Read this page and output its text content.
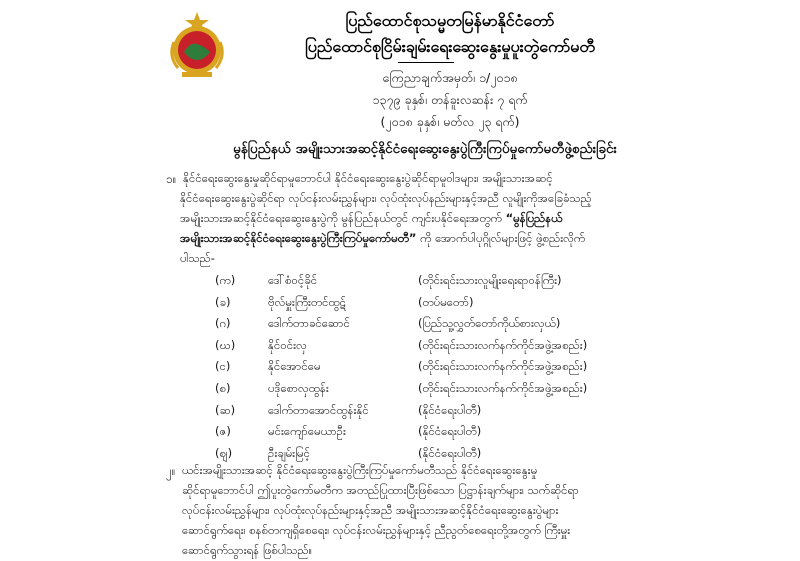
ပြည်ထောင်စုသမ္မတမြန်မာနိုင်ငံတော်
ပြည်ထောင်စုငြိမ်းချမ်းရေးဆွေးနွေးမှုပူးတွဲကော်မတီ
ကြေညာချက်အမှတ်၊ ၁/၂၀၁၈
၁၃၇၉ ခုနှစ်၊ တန်ခူးလဆန်း ၇ ရက်
(၂၀၁၈ ခုနှစ်၊ မတ်လ ၂၃ ရက်)
မွန်ပြည်နယ် အမျိုးသားအဆင့်နိုင်ငံရေးဆွေးနွေးပွဲကြီးကြပ်မှုကော်မတီဖွဲ့စည်းခြင်း
၁။ နိုင်ငံရေးဆွေးနွေးမှုဆိုင်ရာမူဘောင်ပါ နိုင်ငံရေးဆွေးနွေးပွဲဆိုင်ရာမူဝါဒများ၊ အမျိုးသားအဆင့်
နိုင်ငံရေးဆွေးနွေးပွဲဆိုင်ရာ လုပ်ငန်းလမ်းညွှန်များ၊ လုပ်ထုံးလုပ်နည်းများနှင့်အညီ လူမျိုးကိုအခြေခံသည့်
အမျိုးသားအဆင့်နိုင်ငံရေးဆွေးနွေးပွဲကို မွန်ပြည်နယ်တွင် ကျင်းပနိုင်ရေးအတွက် “မွန်ပြည်နယ်
အမျိုးသားအဆင့်နိုင်ငံရေးဆွေးနွေးပွဲကြီးကြပ်မှုကော်မတီ” ကို အောက်ပါပုဂ္ဂိုလ်များဖြင့် ဖွဲ့စည်းလိုက်
ပါသည်-
(က)	ဒေါ်စံဝင့်ခိုင်	(တိုင်းရင်းသားလူမျိုးရေးရာဝန်ကြီး)
(ခ)	ဗိုလ်မှူးကြီးတင်ထွဋ်	(တပ်မတော်)
(ဂ)	ဒေါက်တာခင်ဆောင်	(ပြည်သူ့လွှတ်တော်ကိုယ်စားလှယ်)
(ဃ)	နိုင်ဝင်းလှ	(တိုင်းရင်းသားလက်နက်ကိုင်အဖွဲ့အစည်း)
(င)	နိုင်အောင်မေ	(တိုင်းရင်းသားလက်နက်ကိုင်အဖွဲ့အစည်း)
(စ)	ပဒိုစောလှထွန်း	(တိုင်းရင်းသားလက်နက်ကိုင်အဖွဲ့အစည်း)
(ဆ)	ဒေါက်တာအောင်ထွန်းနိုင်	(နိုင်ငံရေးပါတီ)
(ဇ)	မင်းကျော်မေယာဦး	(နိုင်ငံရေးပါတီ)
(ဈ)	ဦးချမ်းမြင့်	(နိုင်ငံရေးပါတီ)
၂။ ယင်းအမျိုးသားအဆင့် နိုင်ငံရေးဆွေးနွေးပွဲကြီးကြပ်မှုကော်မတီသည် နိုင်ငံရေးဆွေးနွေးမှု
ဆိုင်ရာမူဘောင်ပါ ဤပူးတွဲကော်မတီက အတည်ပြုထားပြီးဖြစ်သော ပြဋ္ဌာန်းချက်များ၊ သက်ဆိုင်ရာ
လုပ်ငန်းလမ်းညွှန်များ၊ လုပ်ထုံးလုပ်နည်းများနှင့်အညီ အမျိုးသားအဆင့်နိုင်ငံရေးဆွေးနွေးပွဲများ
ဆောင်ရွက်ရေး၊ စနစ်တကျရှိစေရေး၊ လုပ်ငန်းလမ်းညွှန်များနှင့် ညီညွတ်စေရေးတို့အတွက် ကြီးမှူး
ဆောင်ရွက်သွားရန် ဖြစ်ပါသည်။
